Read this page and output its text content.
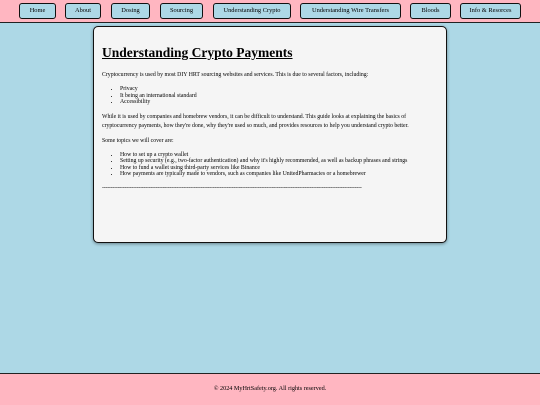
Home	About	Dosing	Sourcing	Understanding Crypto	Understanding Wire Transfers	Bloods	Info & Resorces
Understanding Crypto Payments

Cryptocurrency is used by most DIY HRT sourcing websites and services. This is due to several factors, including:

• Privacy
• It being an international standard
• Accessibility

While it is used by companies and homebrew vendors, it can be difficult to understand. This guide looks at explaining the basics of cryptocurrency payments, how they're done, why they're used so much, and provides resources to help you understand crypto better.

Some topics we will cover are:

• How to set up a crypto wallet
• Setting up security (e.g., two-factor authentication) and why it's highly recommended, as well as backup phrases and strings
• How to fund a wallet using third-party services like Binance
• How payments are typically made to vendors, such as companies like UnitedPharmacies or a homebrewer
------------------------------------------------------------------------------------------------------------------------------------------------------
© 2024 MyHrtSafety.org. All rights reserved.
